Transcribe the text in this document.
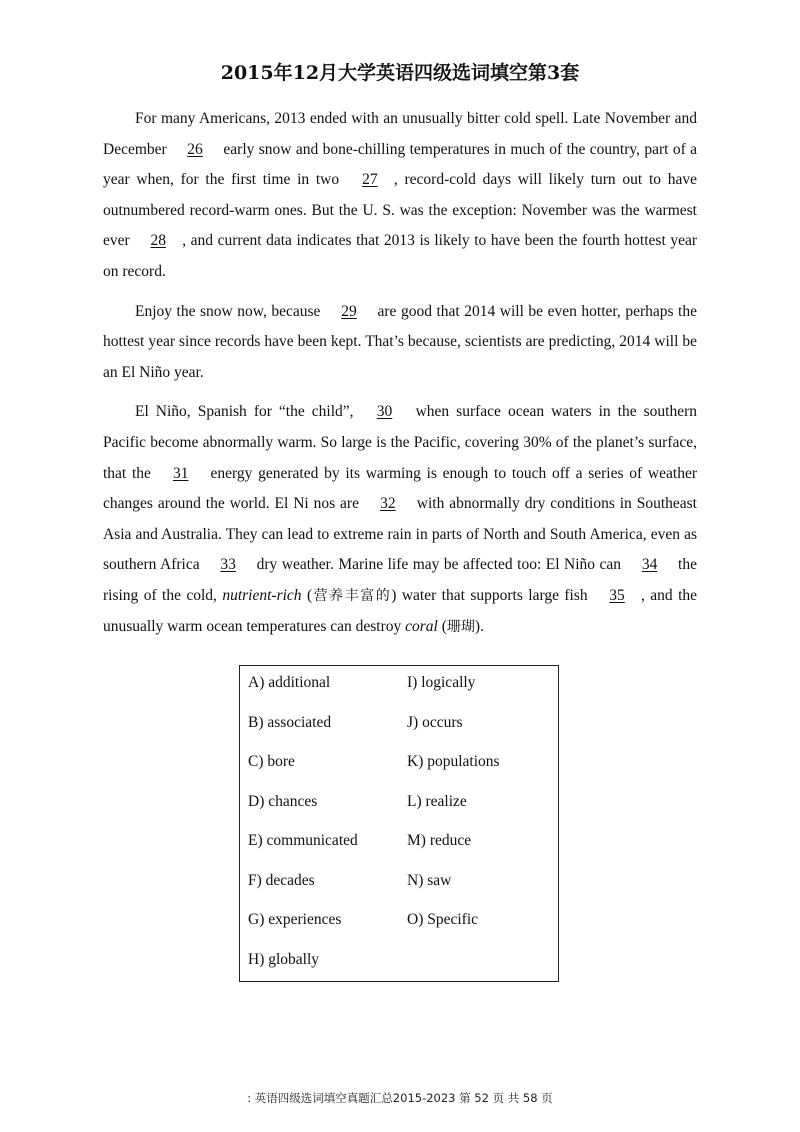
2015年12月大学英语四级选词填空第3套

For many Americans, 2013 ended with an unusually bitter cold spell. Late November and December 26 early snow and bone-chilling temperatures in much of the country, part of a year when, for the first time in two 27 , record-cold days will likely turn out to have outnumbered record-warm ones. But the U. S. was the exception: November was the warmest ever 28 , and current data indicates that 2013 is likely to have been the fourth hottest year on record.

Enjoy the snow now, because 29 are good that 2014 will be even hotter, perhaps the hottest year since records have been kept. That’s because, scientists are predicting, 2014 will be an El Niño year.

El Niño, Spanish for “the child”, 30 when surface ocean waters in the southern Pacific become abnormally warm. So large is the Pacific, covering 30% of the planet’s surface, that the 31 energy generated by its warming is enough to touch off a series of weather changes around the world. El Ni nos are 32 with abnormally dry conditions in Southeast Asia and Australia. They can lead to extreme rain in parts of North and South America, even as southern Africa 33 dry weather. Marine life may be affected too: El Niño can 34 the rising of the cold, nutrient-rich (营养丰富的) water that supports large fish 35 , and the unusually warm ocean temperatures can destroy coral (珊瑚).

A) additional
B) associated
C) bore
D) chances
E) communicated
F) decades
G) experiences
H) globally
I) logically
J) occurs
K) populations
L) realize
M) reduce
N) saw
O) Specific
: 英语四级选词填空真题汇总2015-2023 第 52 页 共 58 页
